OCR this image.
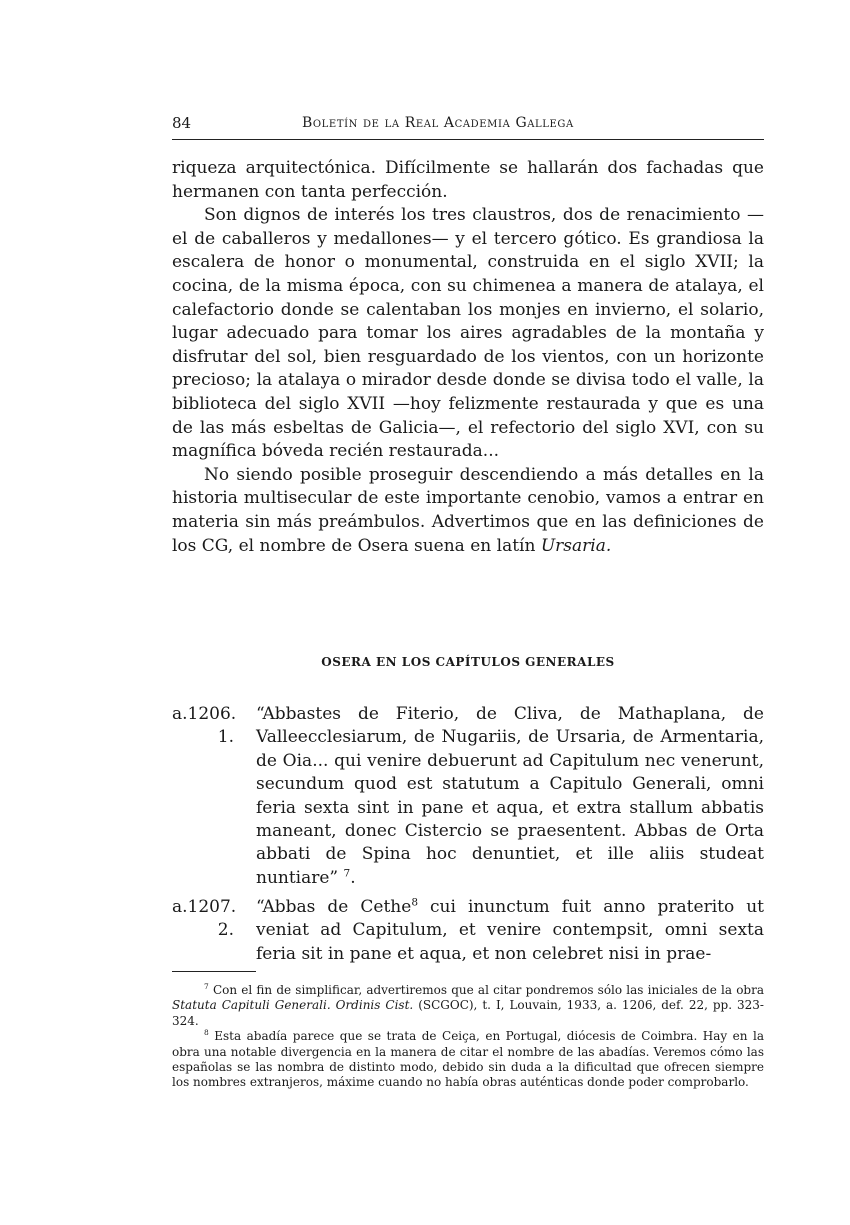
84	Boletín de la Real Academia Gallega

riqueza arquitectónica. Difícilmente se hallarán dos fachadas que hermanen con tanta perfección.

Son dignos de interés los tres claustros, dos de renacimiento —el de caballeros y medallones— y el tercero gótico. Es grandiosa la escalera de honor o monumental, construida en el siglo XVII; la cocina, de la misma época, con su chimenea a manera de atalaya, el calefactorio donde se calentaban los monjes en invierno, el solario, lugar adecuado para tomar los aires agradables de la montaña y disfrutar del sol, bien resguardado de los vientos, con un horizonte precioso; la atalaya o mirador desde donde se divisa todo el valle, la biblioteca del siglo XVII —hoy felizmente restaurada y que es una de las más esbeltas de Galicia—, el refectorio del siglo XVI, con su magnífica bóveda recién restaurada...

No siendo posible proseguir descendiendo a más detalles en la historia multisecular de este importante cenobio, vamos a entrar en materia sin más preámbulos. Advertimos que en las definiciones de los CG, el nombre de Osera suena en latín Ursaria.

OSERA EN LOS CAPÍTULOS GENERALES
a.1206.
1.
“Abbastes de Fiterio, de Cliva, de Mathaplana, de Valleecclesiarum, de Nugariis, de Ursaria, de Armentaria, de Oia... qui venire debuerunt ad Capitulum nec venerunt, secundum quod est statutum a Capitulo Generali, omni feria sexta sint in pane et aqua, et extra stallum abbatis maneant, donec Cistercio se praesentent. Abbas de Orta abbati de Spina hoc denuntiet, et ille aliis studeat nuntiare” $^7$.
a.1207.
2.
“Abbas de Cethe$^8$ cui inunctum fuit anno praterito ut veniat ad Capitulum, et venire contempsit, omni sexta feria sit in pane et aqua, et non celebret nisi in prae-

$^7$ Con el fin de simplificar, advertiremos que al citar pondremos sólo las iniciales de la obra Statuta Capituli Generali. Ordinis Cist. (SCGOC), t. I, Louvain, 1933, a. 1206, def. 22, pp. 323-324.

$^8$ Esta abadía parece que se trata de Ceiça, en Portugal, diócesis de Coimbra. Hay en la obra una notable divergencia en la manera de citar el nombre de las abadías. Veremos cómo las españolas se las nombra de distinto modo, debido sin duda a la dificultad que ofrecen siempre los nombres extranjeros, máxime cuando no había obras auténticas donde poder comprobarlo.
